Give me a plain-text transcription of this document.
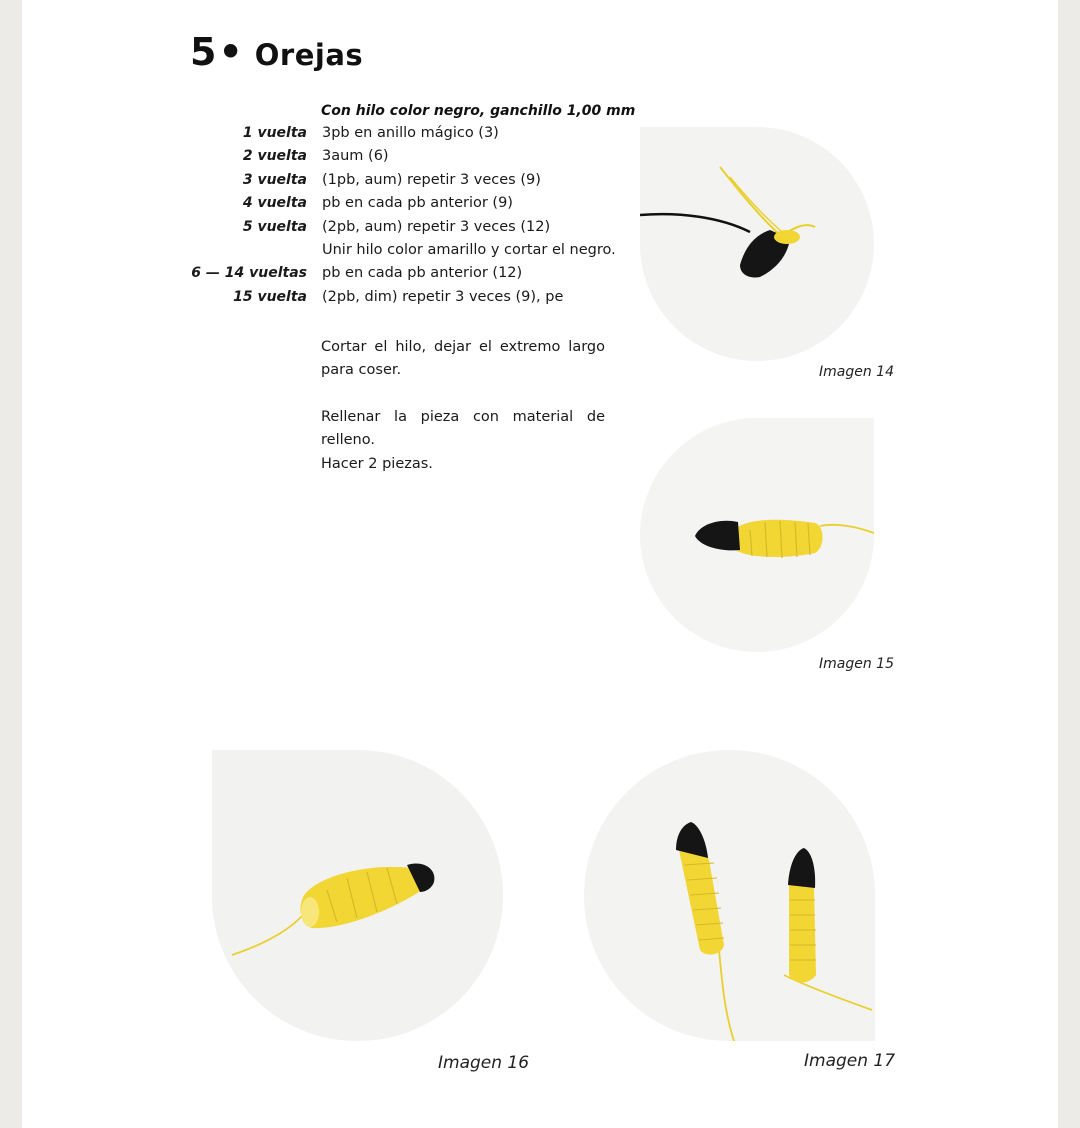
5• Orejas
Con hilo color negro, ganchillo 1,00 mm
1 vuelta 3pb en anillo mágico (3)
2 vuelta 3aum (6)
3 vuelta (1pb, aum) repetir 3 veces (9)
4 vuelta pb en cada pb anterior (9)
5 vuelta (2pb, aum) repetir 3 veces (12)
Unir hilo color amarillo y cortar el negro.
6 — 14 vueltas pb en cada pb anterior (12)
15 vuelta (2pb, dim) repetir 3 veces (9), pe
Cortar el hilo, dejar el extremo largo para coser.
Rellenar la pieza con material de relleno.
Hacer 2 piezas.
Imagen 14
Imagen 15
Imagen 16	Imagen 17
